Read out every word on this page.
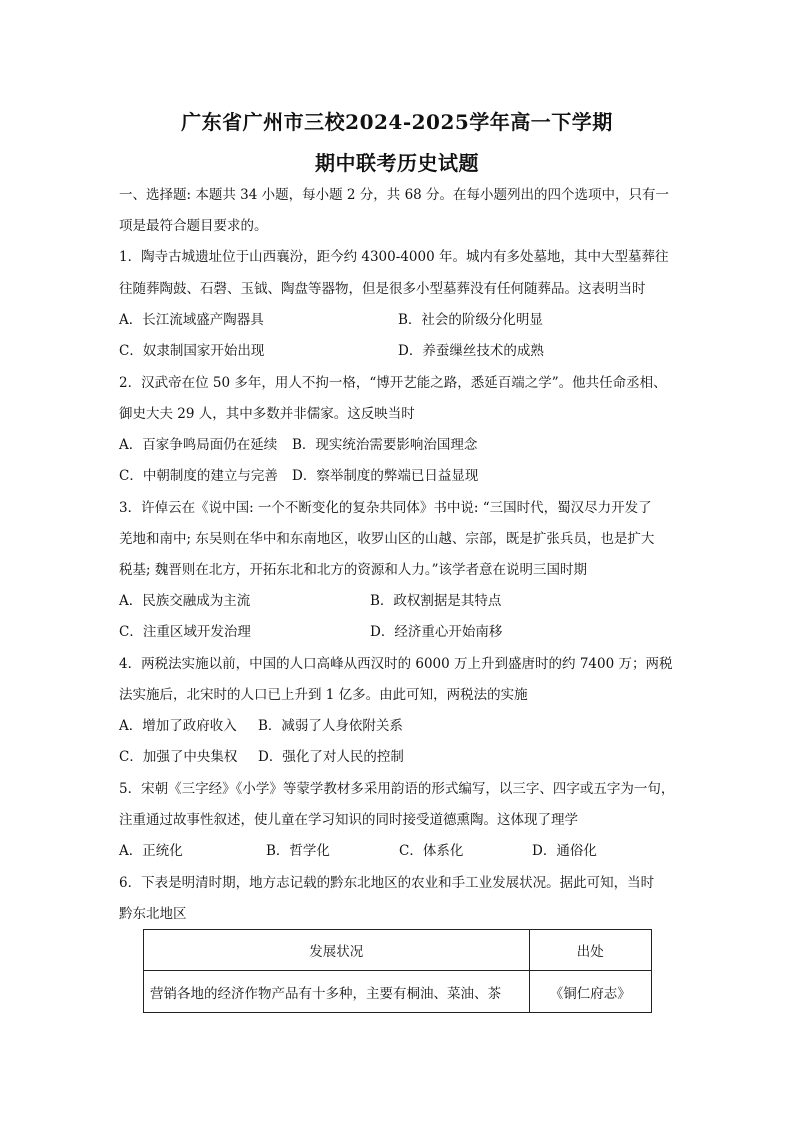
广东省广州市三校2024-2025学年高一下学期
期中联考历史试题
一、选择题: 本题共 34 小题，每小题 2 分，共 68 分。在每小题列出的四个选项中，只有一
项是最符合题目要求的。
1．陶寺古城遗址位于山西襄汾，距今约 4300-4000 年。城内有多处墓地，其中大型墓葬往
往随葬陶鼓、石磬、玉钺、陶盘等器物，但是很多小型墓葬没有任何随葬品。这表明当时
A．长江流域盛产陶器具	B．社会的阶级分化明显
C．奴隶制国家开始出现	D．养蚕缫丝技术的成熟
2．汉武帝在位 50 多年，用人不拘一格，“博开艺能之路，悉延百端之学”。他共任命丞相、
御史大夫 29 人，其中多数并非儒家。这反映当时
A．百家争鸣局面仍在延续 B．现实统治需要影响治国理念
C．中朝制度的建立与完善 D．察举制度的弊端已日益显现
3．许倬云在《说中国: 一个不断变化的复杂共同体》书中说: “三国时代，蜀汉尽力开发了
羌地和南中; 东吴则在华中和东南地区，收罗山区的山越、宗部，既是扩张兵员，也是扩大
税基; 魏晋则在北方，开拓东北和北方的资源和人力。”该学者意在说明三国时期
A．民族交融成为主流	B．政权割据是其特点
C．注重区域开发治理	D．经济重心开始南移
4．两税法实施以前，中国的人口高峰从西汉时的 6000 万上升到盛唐时的约 7400 万；两税
法实施后，北宋时的人口已上升到 1 亿多。由此可知，两税法的实施
A．增加了政府收入 B．减弱了人身依附关系
C．加强了中央集权 D．强化了对人民的控制
5．宋朝《三字经》《小学》等蒙学教材多采用韵语的形式编写，以三字、四字或五字为一句，
注重通过故事性叙述，使儿童在学习知识的同时接受道德熏陶。这体现了理学
A．正统化	B．哲学化	C．体系化	D．通俗化
6．下表是明清时期，地方志记载的黔东北地区的农业和手工业发展状况。据此可知，当时
黔东北地区
发展状况	出处
营销各地的经济作物产品有十多种，主要有桐油、菜油、茶	《铜仁府志》
